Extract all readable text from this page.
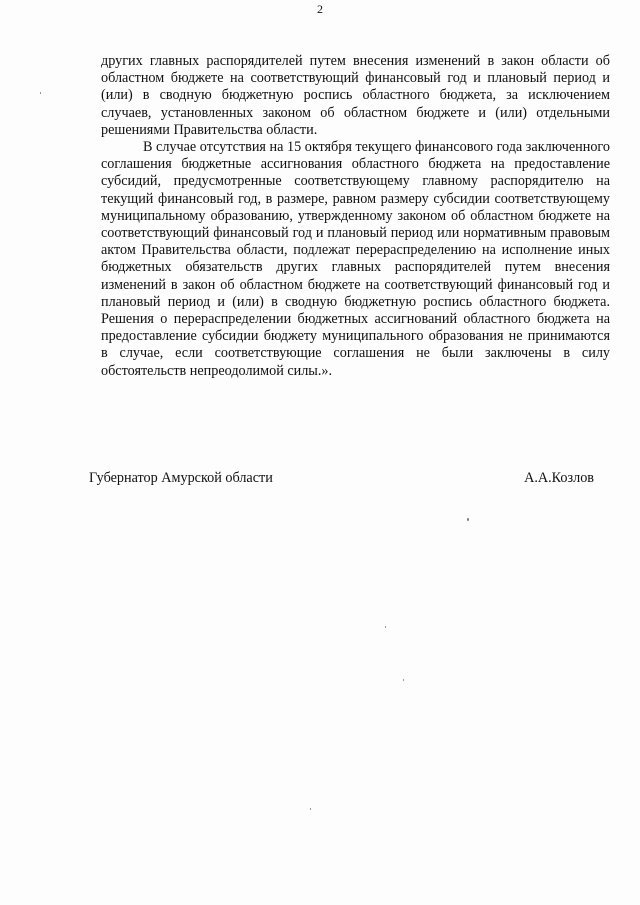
2

других главных распорядителей путем внесения изменений в закон области об областном бюджете на соответствующий финансовый год и плановый период и (или) в сводную бюджетную роспись областного бюджета, за исключением случаев, установленных законом об областном бюджете и (или) отдельными решениями Правительства области.

В случае отсутствия на 15 октября текущего финансового года заключенного соглашения бюджетные ассигнования областного бюджета на предоставление субсидий, предусмотренные соответствующему главному распорядителю на текущий финансовый год, в размере, равном размеру субсидии соответствующему муниципальному образованию, утвержденному законом об областном бюджете на соответствующий финансовый год и плановый период или нормативным правовым актом Правительства области, подлежат перераспределению на исполнение иных бюджетных обязательств других главных распорядителей путем внесения изменений в закон об областном бюджете на соответствующий финансовый год и плановый период и (или) в сводную бюджетную роспись областного бюджета. Решения о перераспределении бюджетных ассигнований областного бюджета на предоставление субсидии бюджету муниципального образования не принимаются в случае, если соответствующие соглашения не были заключены в силу обстоятельств непреодолимой силы.».

Губернатор Амурской области	А.А.Козлов
